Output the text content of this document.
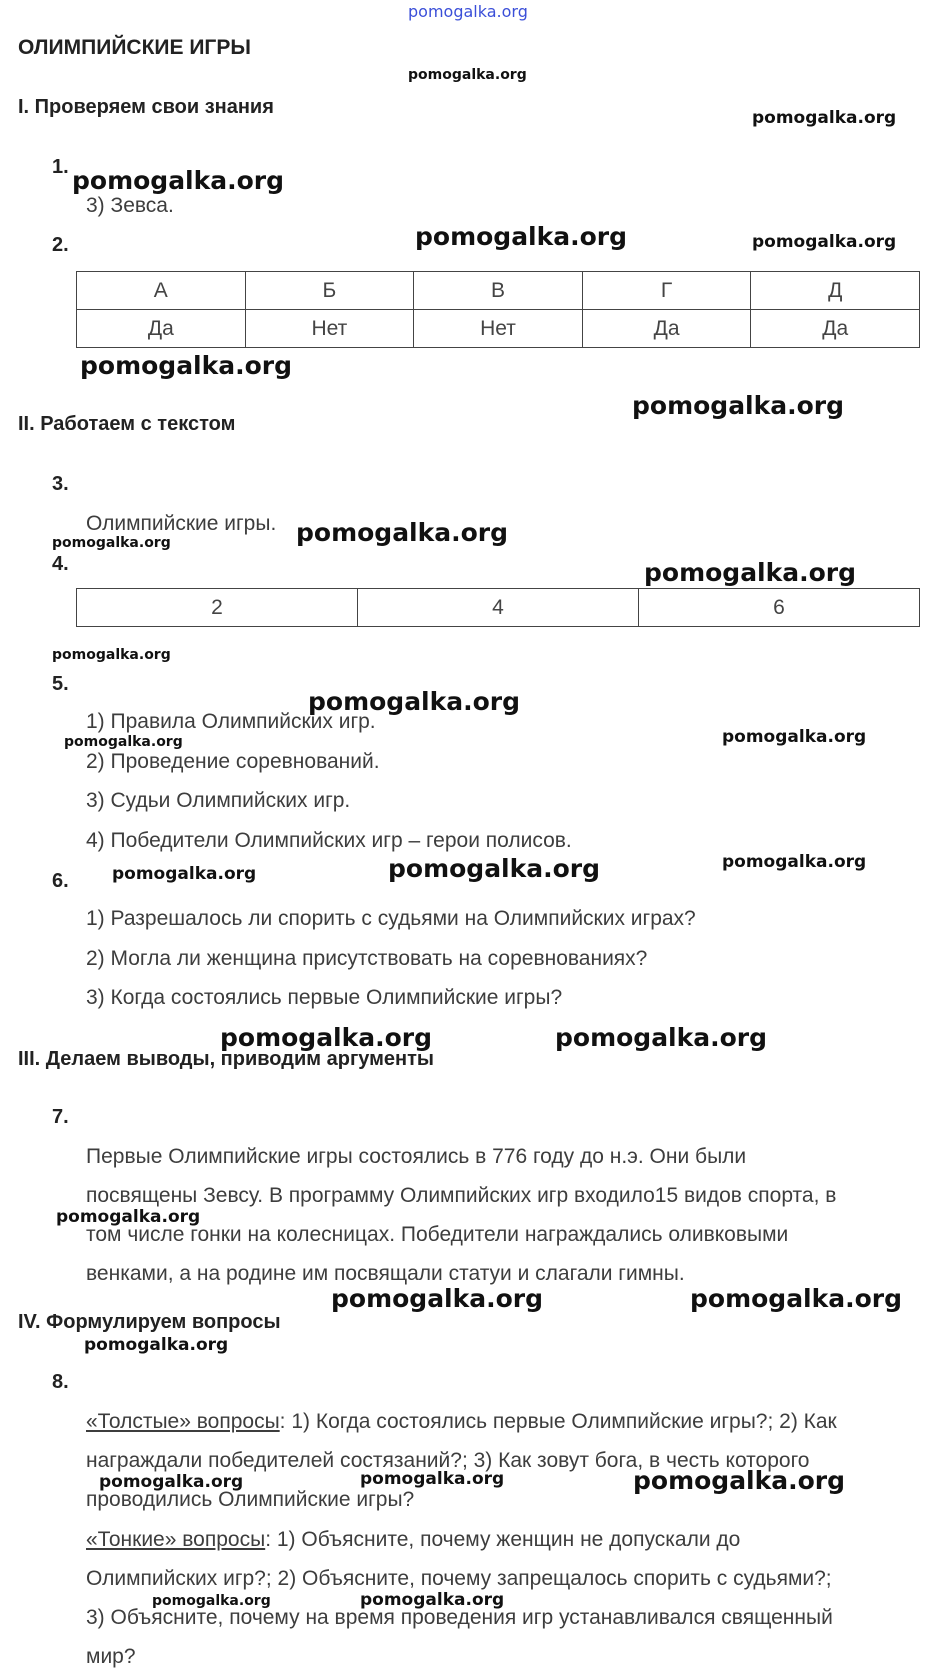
pomogalka.org
ОЛИМПИЙСКИЕ ИГРЫ
I. Проверяем свои знания
1.
3) Зевса.
2.
А	Б	В	Г	Д
Да	Нет	Нет	Да	Да
II. Работаем с текстом
3.
Олимпийские игры.
4.
2	4	6
5.
1) Правила Олимпийских игр.
2) Проведение соревнований.
3) Судьи Олимпийских игр.
4) Победители Олимпийских игр – герои полисов.
6.
1) Разрешалось ли спорить с судьями на Олимпийских играх?
2) Могла ли женщина присутствовать на соревнованиях?
3) Когда состоялись первые Олимпийские игры?
III. Делаем выводы, приводим аргументы
7.
Первые Олимпийские игры состоялись в 776 году до н.э. Они были
посвящены Зевсу. В программу Олимпийских игр входило15 видов спорта, в
том числе гонки на колесницах. Победители награждались оливковыми
венками, а на родине им посвящали статуи и слагали гимны.
IV. Формулируем вопросы
8.
«Толстые» вопросы: 1) Когда состоялись первые Олимпийские игры?; 2) Как
награждали победителей состязаний?; 3) Как зовут бога, в честь которого
проводились Олимпийские игры?
«Тонкие» вопросы: 1) Объясните, почему женщин не допускали до
Олимпийских игр?; 2) Объясните, почему запрещалось спорить с судьями?;
3) Объясните, почему на время проведения игр устанавливался священный
мир?
pomogalka.org
pomogalka.org
pomogalka.org
pomogalka.org	pomogalka.org
pomogalka.org
pomogalka.org
pomogalka.org
pomogalka.org
pomogalka.org
pomogalka.org
pomogalka.org
pomogalka.org
pomogalka.org
pomogalka.org	pomogalka.org	pomogalka.org
pomogalka.org	pomogalka.org
pomogalka.org
pomogalka.org	pomogalka.org
pomogalka.org
pomogalka.org	pomogalka.org	pomogalka.org
pomogalka.org	pomogalka.org
